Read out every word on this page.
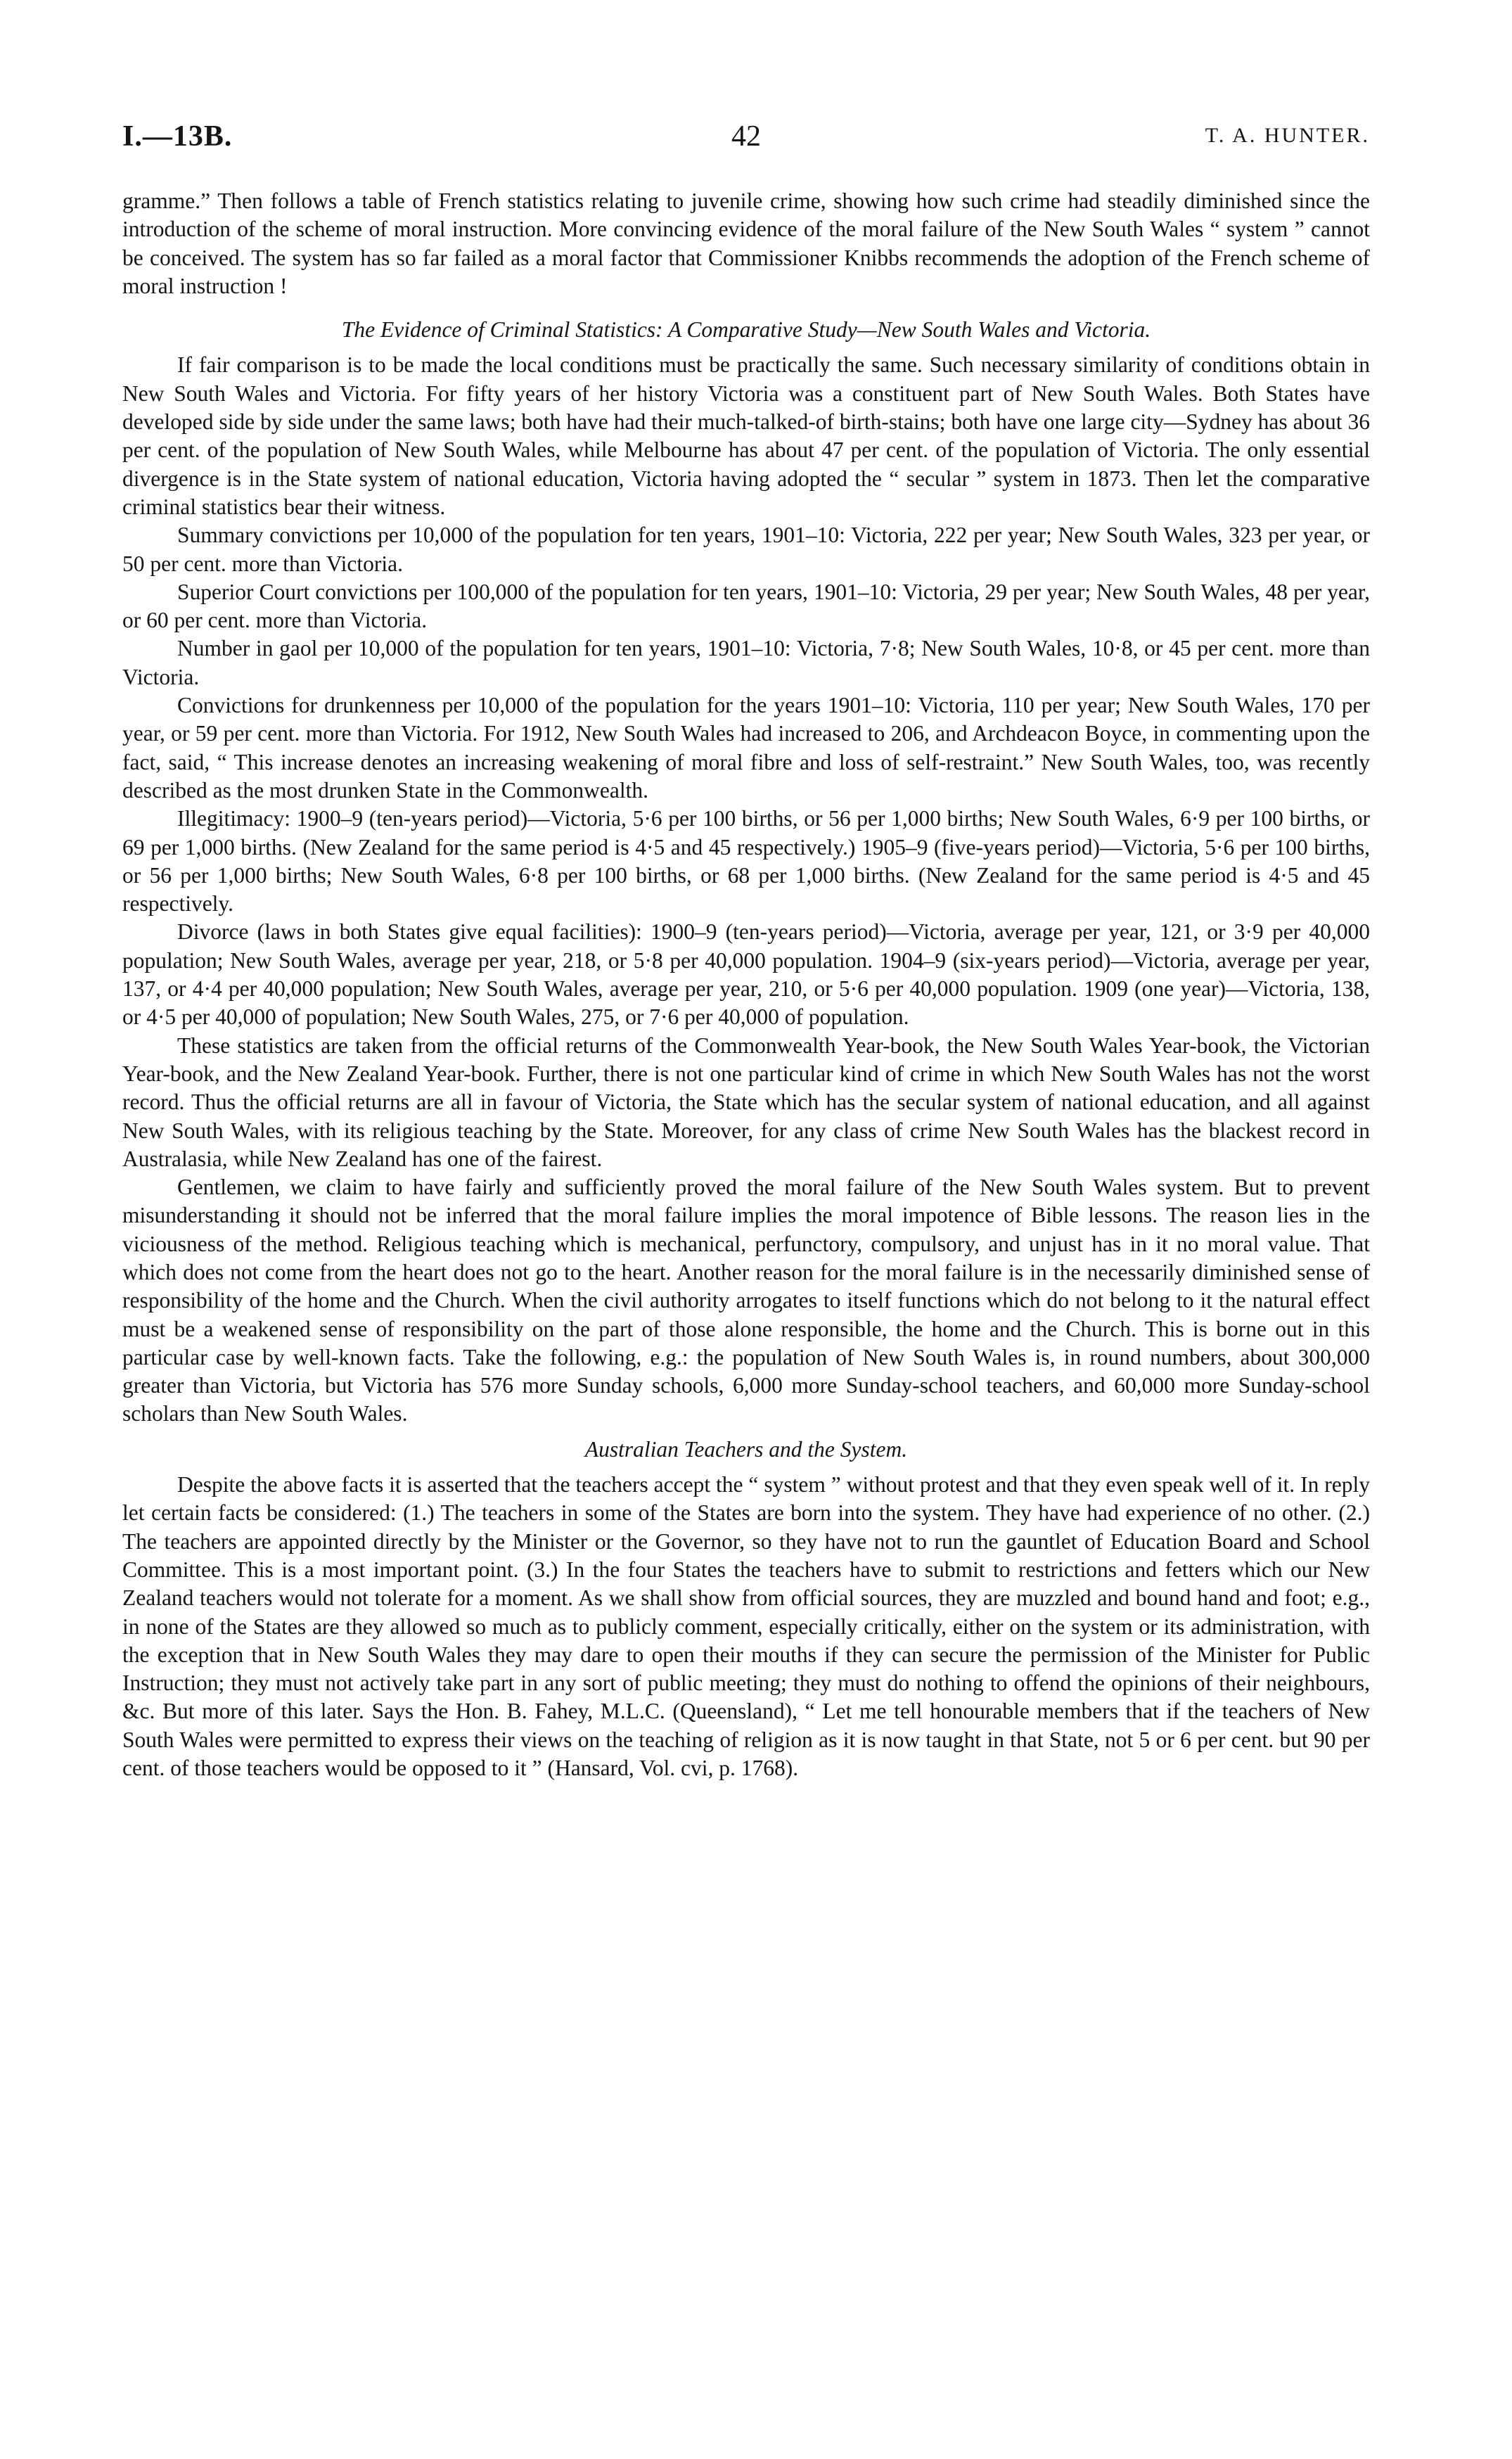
I.—13B.	42	T. A. HUNTER.

gramme.” Then follows a table of French statistics relating to juvenile crime, showing how such crime had steadily diminished since the introduction of the scheme of moral instruction. More convincing evidence of the moral failure of the New South Wales “ system ” cannot be conceived. The system has so far failed as a moral factor that Commissioner Knibbs recommends the adoption of the French scheme of moral instruction !

The Evidence of Criminal Statistics: A Comparative Study—New South Wales and Victoria.

If fair comparison is to be made the local conditions must be practically the same. Such necessary similarity of conditions obtain in New South Wales and Victoria. For fifty years of her history Victoria was a constituent part of New South Wales. Both States have developed side by side under the same laws; both have had their much-talked-of birth-stains; both have one large city—Sydney has about 36 per cent. of the population of New South Wales, while Melbourne has about 47 per cent. of the population of Victoria. The only essential divergence is in the State system of national education, Victoria having adopted the “ secular ” system in 1873. Then let the comparative criminal statistics bear their witness.

Summary convictions per 10,000 of the population for ten years, 1901–10: Victoria, 222 per year; New South Wales, 323 per year, or 50 per cent. more than Victoria.

Superior Court convictions per 100,000 of the population for ten years, 1901–10: Victoria, 29 per year; New South Wales, 48 per year, or 60 per cent. more than Victoria.

Number in gaol per 10,000 of the population for ten years, 1901–10: Victoria, 7·8; New South Wales, 10·8, or 45 per cent. more than Victoria.

Convictions for drunkenness per 10,000 of the population for the years 1901–10: Victoria, 110 per year; New South Wales, 170 per year, or 59 per cent. more than Victoria. For 1912, New South Wales had increased to 206, and Archdeacon Boyce, in commenting upon the fact, said, “ This increase denotes an increasing weakening of moral fibre and loss of self-restraint.” New South Wales, too, was recently described as the most drunken State in the Commonwealth.

Illegitimacy: 1900–9 (ten-years period)—Victoria, 5·6 per 100 births, or 56 per 1,000 births; New South Wales, 6·9 per 100 births, or 69 per 1,000 births. (New Zealand for the same period is 4·5 and 45 respectively.) 1905–9 (five-years period)—Victoria, 5·6 per 100 births, or 56 per 1,000 births; New South Wales, 6·8 per 100 births, or 68 per 1,000 births. (New Zealand for the same period is 4·5 and 45 respectively.

Divorce (laws in both States give equal facilities): 1900–9 (ten-years period)—Victoria, average per year, 121, or 3·9 per 40,000 population; New South Wales, average per year, 218, or 5·8 per 40,000 population. 1904–9 (six-years period)—Victoria, average per year, 137, or 4·4 per 40,000 population; New South Wales, average per year, 210, or 5·6 per 40,000 population. 1909 (one year)—Victoria, 138, or 4·5 per 40,000 of population; New South Wales, 275, or 7·6 per 40,000 of population.

These statistics are taken from the official returns of the Commonwealth Year-book, the New South Wales Year-book, the Victorian Year-book, and the New Zealand Year-book. Further, there is not one particular kind of crime in which New South Wales has not the worst record. Thus the official returns are all in favour of Victoria, the State which has the secular system of national education, and all against New South Wales, with its religious teaching by the State. Moreover, for any class of crime New South Wales has the blackest record in Australasia, while New Zealand has one of the fairest.

Gentlemen, we claim to have fairly and sufficiently proved the moral failure of the New South Wales system. But to prevent misunderstanding it should not be inferred that the moral failure implies the moral impotence of Bible lessons. The reason lies in the viciousness of the method. Religious teaching which is mechanical, perfunctory, compulsory, and unjust has in it no moral value. That which does not come from the heart does not go to the heart. Another reason for the moral failure is in the necessarily diminished sense of responsibility of the home and the Church. When the civil authority arrogates to itself functions which do not belong to it the natural effect must be a weakened sense of responsibility on the part of those alone responsible, the home and the Church. This is borne out in this particular case by well-known facts. Take the following, e.g.: the population of New South Wales is, in round numbers, about 300,000 greater than Victoria, but Victoria has 576 more Sunday schools, 6,000 more Sunday-school teachers, and 60,000 more Sunday-school scholars than New South Wales.

Australian Teachers and the System.

Despite the above facts it is asserted that the teachers accept the “ system ” without protest and that they even speak well of it. In reply let certain facts be considered: (1.) The teachers in some of the States are born into the system. They have had experience of no other. (2.) The teachers are appointed directly by the Minister or the Governor, so they have not to run the gauntlet of Education Board and School Committee. This is a most important point. (3.) In the four States the teachers have to submit to restrictions and fetters which our New Zealand teachers would not tolerate for a moment. As we shall show from official sources, they are muzzled and bound hand and foot; e.g., in none of the States are they allowed so much as to publicly comment, especially critically, either on the system or its administration, with the exception that in New South Wales they may dare to open their mouths if they can secure the permission of the Minister for Public Instruction; they must not actively take part in any sort of public meeting; they must do nothing to offend the opinions of their neighbours, &c. But more of this later. Says the Hon. B. Fahey, M.L.C. (Queensland), “ Let me tell honourable members that if the teachers of New South Wales were permitted to express their views on the teaching of religion as it is now taught in that State, not 5 or 6 per cent. but 90 per cent. of those teachers would be opposed to it ” (Hansard, Vol. cvi, p. 1768).
